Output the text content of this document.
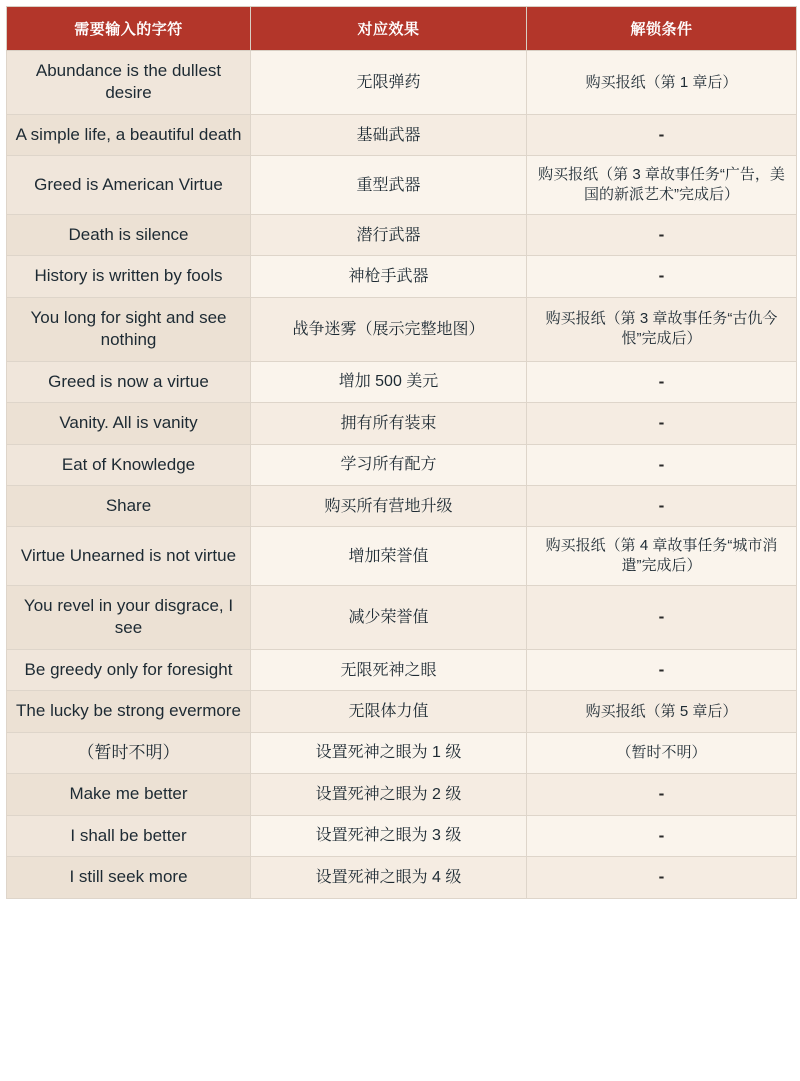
需要输入的字符	对应效果	解锁条件
Abundance is the dullest desire	无限弹药	购买报纸（第 1 章后）
A simple life, a beautiful death	基础武器	-
Greed is American Virtue	重型武器	购买报纸（第 3 章故事任务“广告，美国的新派艺术”完成后）
Death is silence	潜行武器	-
History is written by fools	神枪手武器	-
You long for sight and see nothing	战争迷雾（展示完整地图）	购买报纸（第 3 章故事任务“古仇今恨”完成后）
Greed is now a virtue	增加 500 美元	-
Vanity. All is vanity	拥有所有装束	-
Eat of Knowledge	学习所有配方	-
Share	购买所有营地升级	-
Virtue Unearned is not virtue	增加荣誉值	购买报纸（第 4 章故事任务“城市消遣”完成后）
You revel in your disgrace, I see	减少荣誉值	-
Be greedy only for foresight	无限死神之眼	-
The lucky be strong evermore	无限体力值	购买报纸（第 5 章后）
（暂时不明）	设置死神之眼为 1 级	（暂时不明）
Make me better	设置死神之眼为 2 级	-
I shall be better	设置死神之眼为 3 级	-
I still seek more	设置死神之眼为 4 级	-
